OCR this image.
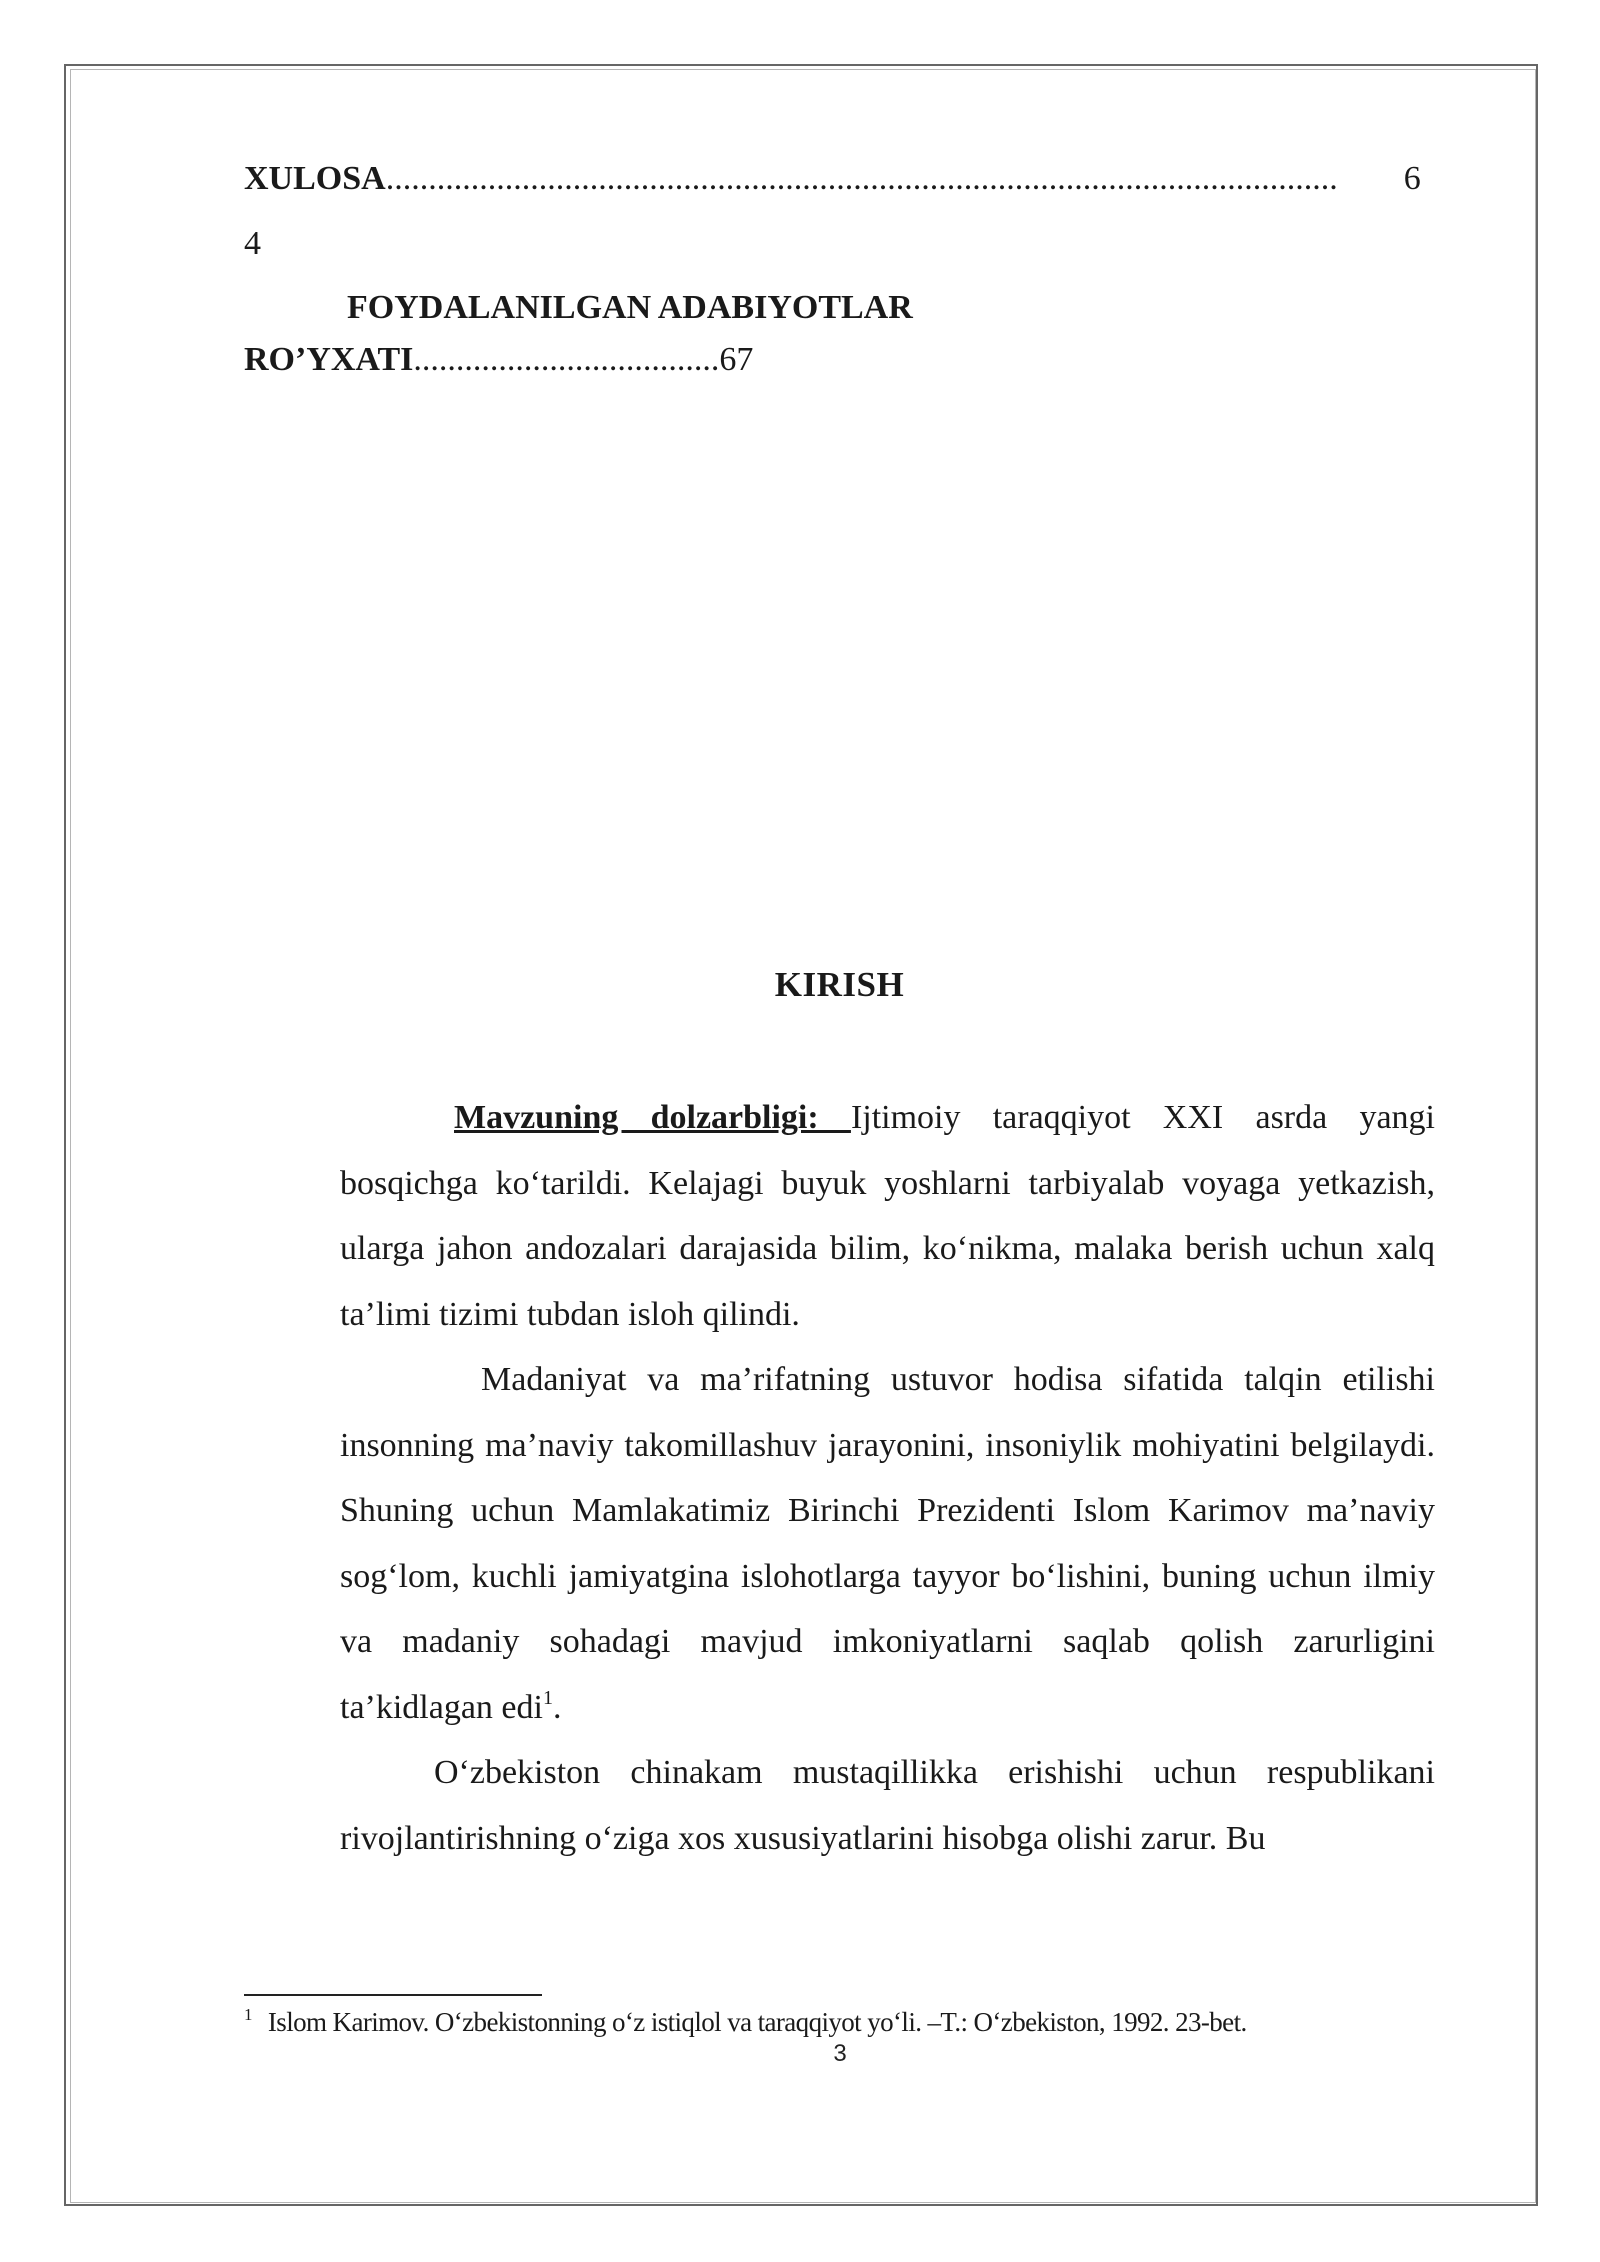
XULOSA................................................................................................................ 6
4
FOYDALANILGAN ADABIYOTLAR
RO’YXATI....................................67
KIRISH

Mavzuning dolzarbligi: Ijtimoiy taraqqiyot XXI asrda yangi bosqichga ko‘tarildi. Kelajagi buyuk yoshlarni tarbiyalab voyaga yetkazish, ularga jahon andozalari darajasida bilim, ko‘nikma, malaka berish uchun xalq ta’limi tizimi tubdan isloh qilindi.

Madaniyat va ma’rifatning ustuvor hodisa sifatida talqin etilishi insonning ma’naviy takomillashuv jarayonini, insoniylik mohiyatini belgilaydi. Shuning uchun Mamlakatimiz Birinchi Prezidenti Islom Karimov ma’naviy sog‘lom, kuchli jamiyatgina islohotlarga tayyor bo‘lishini, buning uchun ilmiy va madaniy sohadagi mavjud imkoniyatlarni saqlab qolish zarurligini ta’kidlagan edi$^1$.

O‘zbekiston chinakam mustaqillikka erishishi uchun respublikani rivojlantirishning o‘ziga xos xususiyatlarini hisobga olishi zarur. Bu

$^1$ Islom Karimov. O‘zbekistonning o‘z istiqlol va taraqqiyot yo‘li. –T.: O‘zbekiston, 1992. 23-bet.
3
